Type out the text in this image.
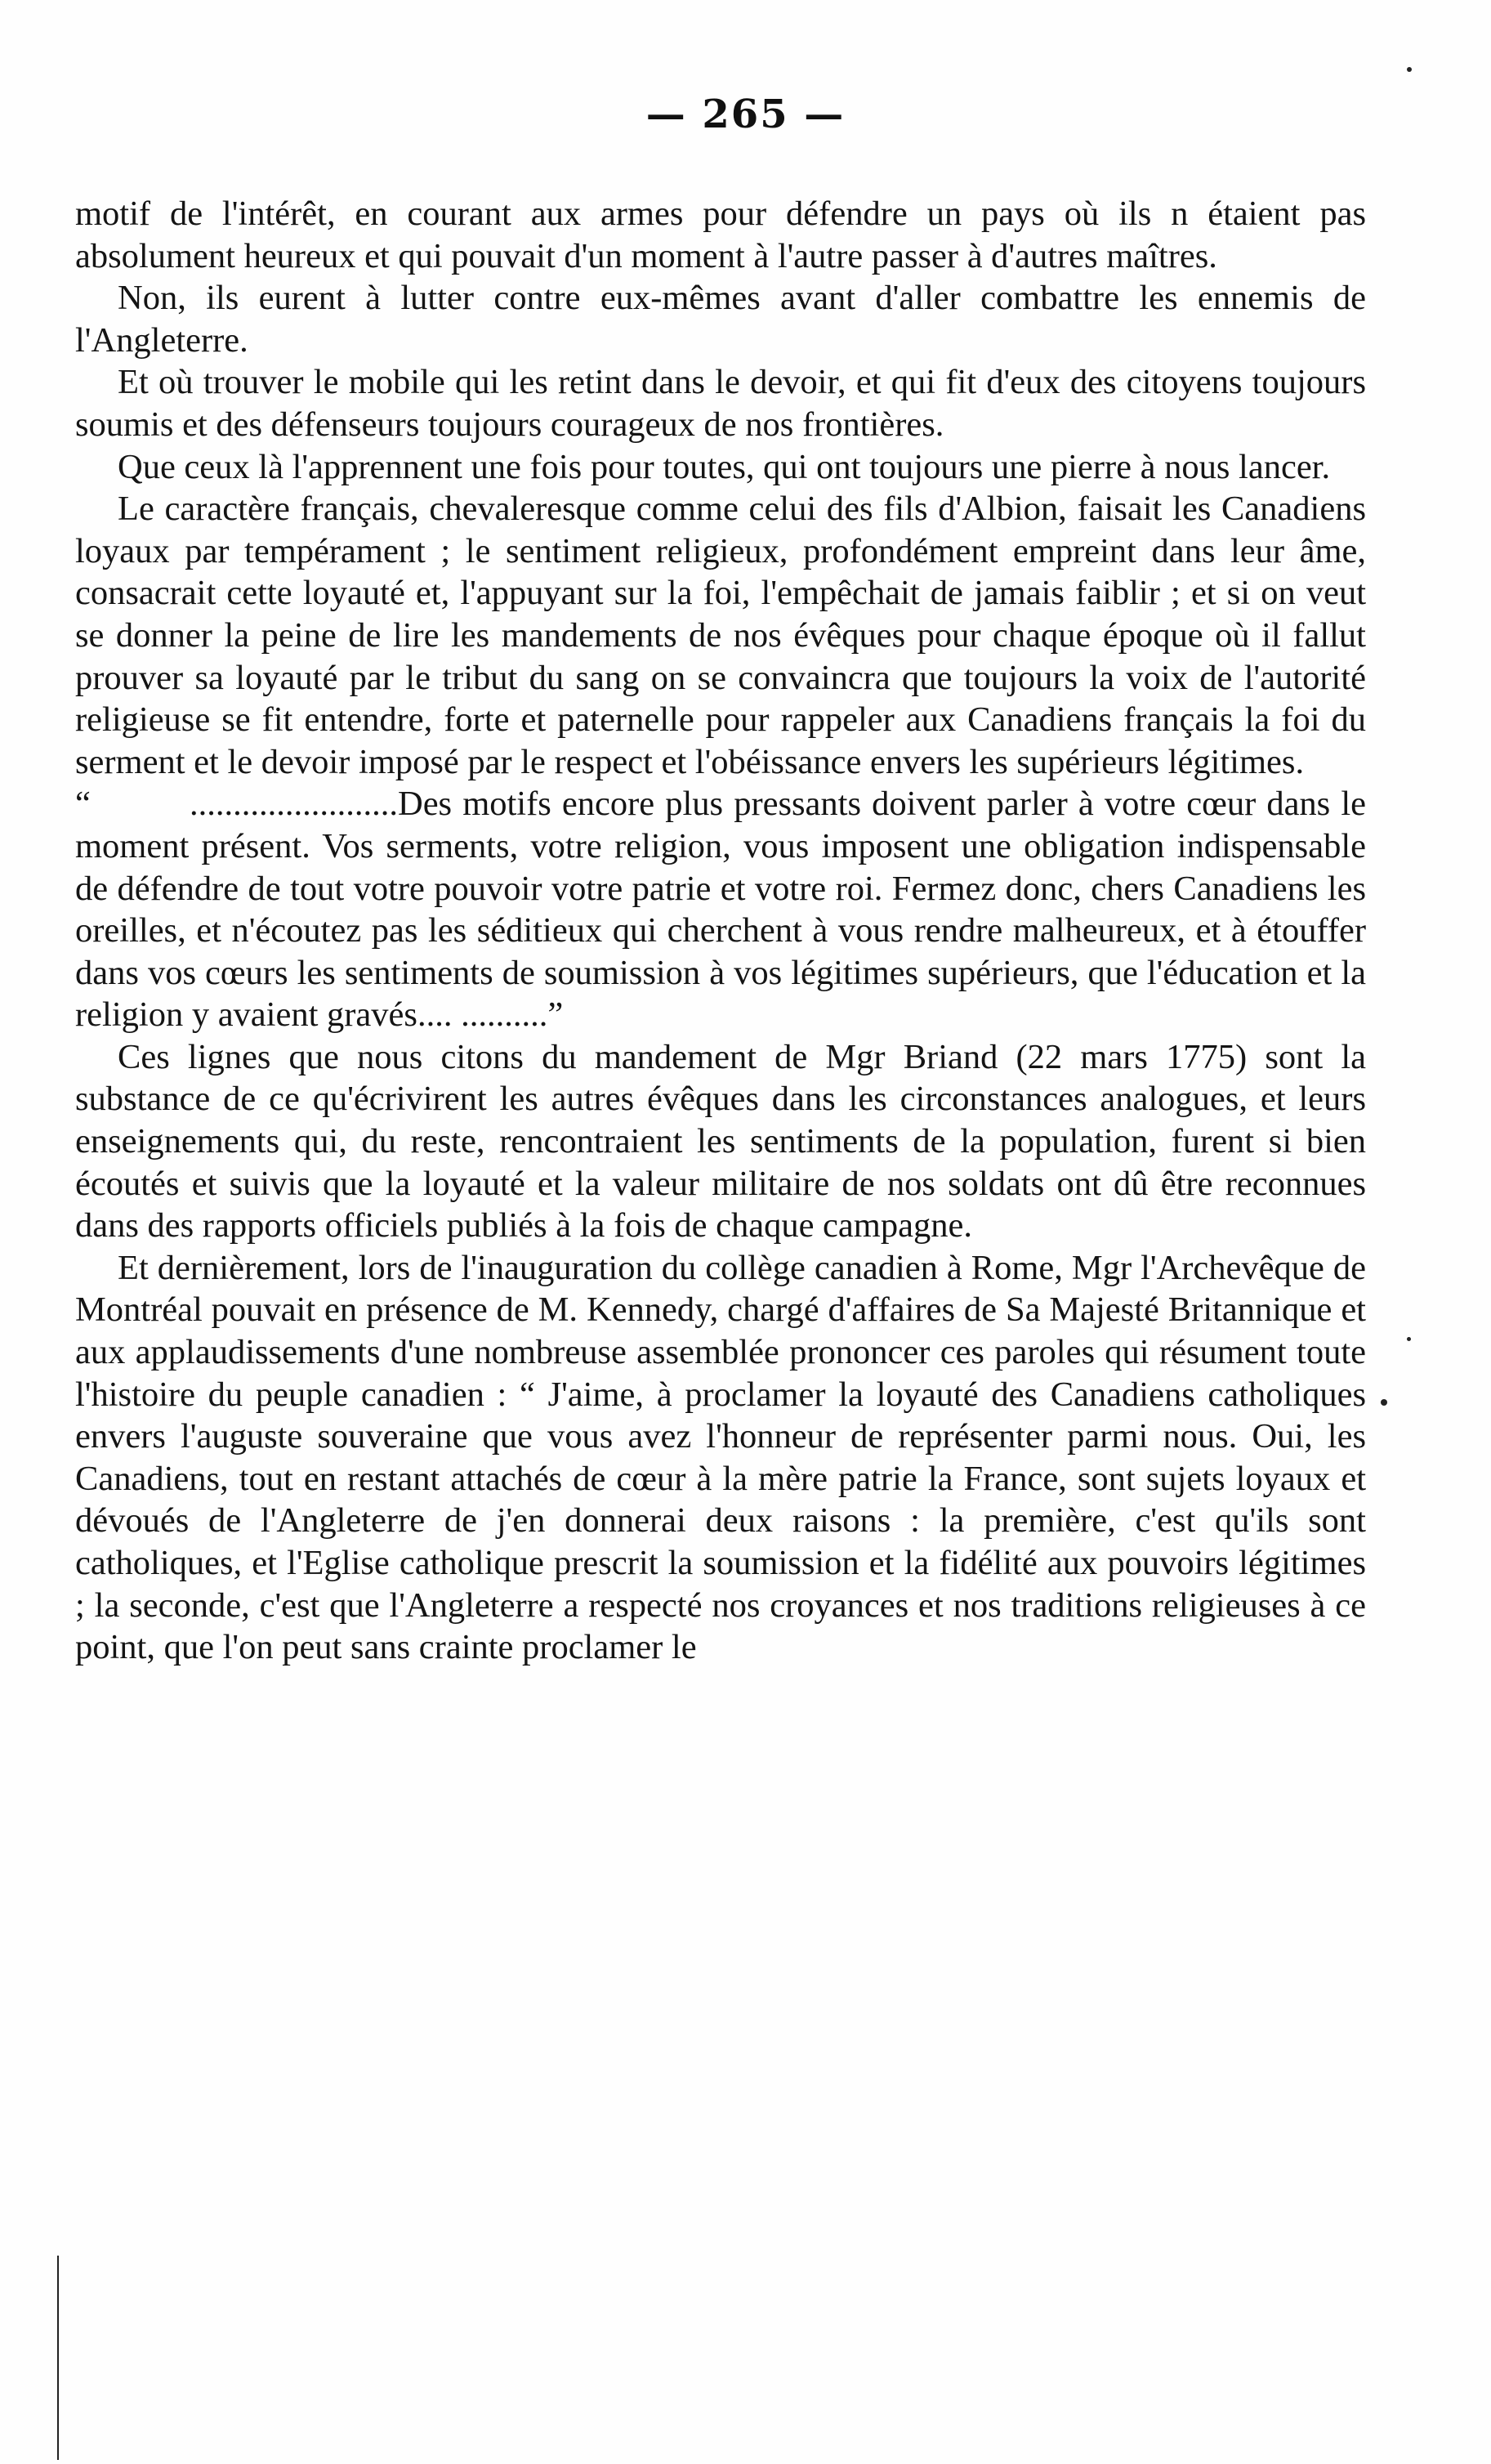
— 265 —

motif de l'intérêt, en courant aux armes pour défendre un pays où ils n étaient pas absolument heureux et qui pouvait d'un moment à l'autre passer à d'autres maîtres.

Non, ils eurent à lutter contre eux-mêmes avant d'aller combattre les ennemis de l'Angleterre.

Et où trouver le mobile qui les retint dans le devoir, et qui fit d'eux des citoyens toujours soumis et des défenseurs toujours courageux de nos frontières.

Que ceux là l'apprennent une fois pour toutes, qui ont toujours une pierre à nous lancer.

Le caractère français, chevaleresque comme celui des fils d'Albion, faisait les Canadiens loyaux par tempérament ; le sentiment religieux, profondément empreint dans leur âme, consacrait cette loyauté et, l'appuyant sur la foi, l'empêchait de jamais faiblir ; et si on veut se donner la peine de lire les mandements de nos évêques pour chaque époque où il fallut prouver sa loyauté par le tribut du sang on se convaincra que toujours la voix de l'autorité religieuse se fit entendre, forte et paternelle pour rappeler aux Canadiens français la foi du serment et le devoir imposé par le respect et l'obéissance envers les supérieurs légitimes.

“	........................Des motifs encore plus pressants doivent parler à votre cœur dans le moment présent. Vos serments, votre religion, vous imposent une obligation indispensable de défendre de tout votre pouvoir votre patrie et votre roi. Fermez donc, chers Canadiens les oreilles, et n'écoutez pas les séditieux qui cherchent à vous rendre malheureux, et à étouffer dans vos cœurs les sentiments de soumission à vos légitimes supérieurs, que l'éducation et la religion y avaient gravés.... ..........”

Ces lignes que nous citons du mandement de Mgr Briand (22 mars 1775) sont la substance de ce qu'écrivirent les autres évêques dans les circonstances analogues, et leurs enseignements qui, du reste, rencontraient les sentiments de la population, furent si bien écoutés et suivis que la loyauté et la valeur militaire de nos soldats ont dû être reconnues dans des rapports officiels publiés à la fois de chaque campagne.

Et dernièrement, lors de l'inauguration du collège canadien à Rome, Mgr l'Archevêque de Montréal pouvait en présence de M. Kennedy, chargé d'affaires de Sa Majesté Britannique et aux applaudissements d'une nombreuse assemblée prononcer ces paroles qui résument toute l'histoire du peuple canadien : “ J'aime, à proclamer la loyauté des Canadiens catholiques envers l'auguste souveraine que vous avez l'honneur de représenter parmi nous. Oui, les Canadiens, tout en restant attachés de cœur à la mère patrie la France, sont sujets loyaux et dévoués de l'Angleterre de j'en donnerai deux raisons : la première, c'est qu'ils sont catholiques, et l'Eglise catholique prescrit la soumission et la fidélité aux pouvoirs légitimes ; la seconde, c'est que l'Angleterre a respecté nos croyances et nos traditions religieuses à ce point, que l'on peut sans crainte proclamer le
